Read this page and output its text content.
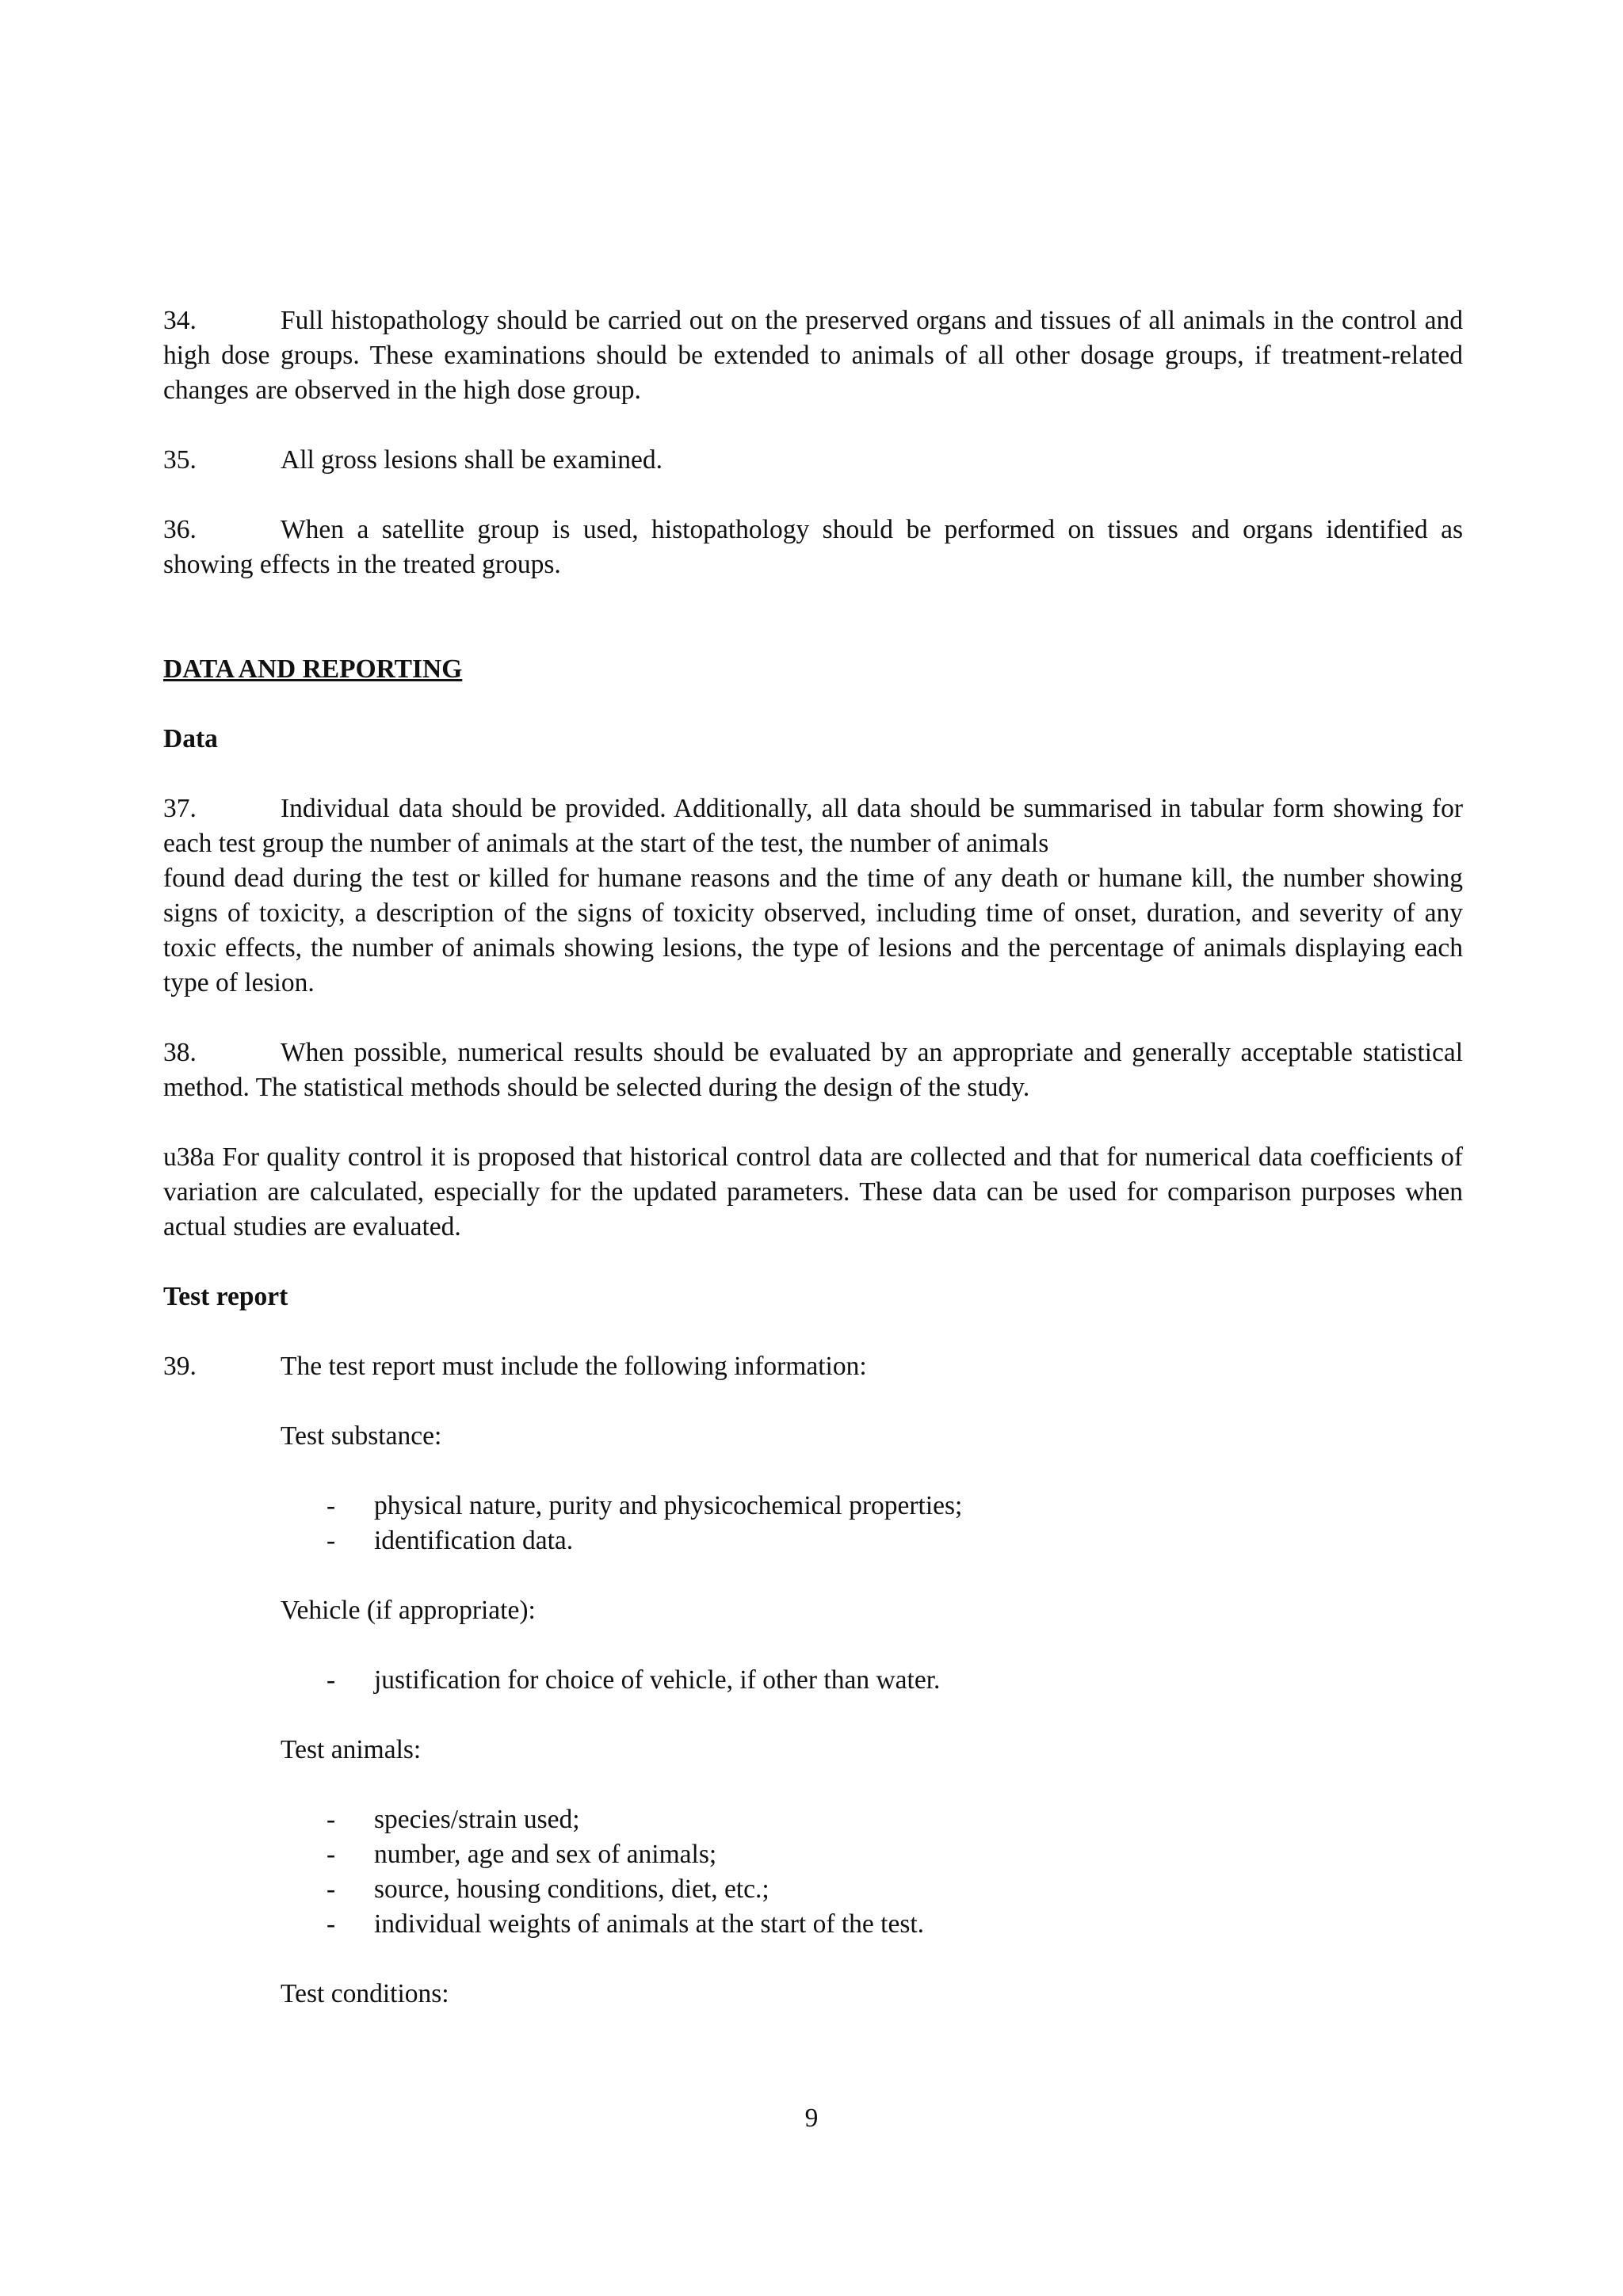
34.	Full histopathology should be carried out on the preserved organs and tissues of all animals in the control and high dose groups. These examinations should be extended to animals of all other dosage groups, if treatment-related changes are observed in the high dose group.

35.	All gross lesions shall be examined.

36.	When a satellite group is used, histopathology should be performed on tissues and organs identified as showing effects in the treated groups.

DATA AND REPORTING

Data

37.	Individual data should be provided. Additionally, all data should be summarised in tabular form showing for each test group the number of animals at the start of the test, the number of animals

found dead during the test or killed for humane reasons and the time of any death or humane kill, the number showing signs of toxicity, a description of the signs of toxicity observed, including time of onset, duration, and severity of any toxic effects, the number of animals showing lesions, the type of lesions and the percentage of animals displaying each type of lesion.

38.	When possible, numerical results should be evaluated by an appropriate and generally acceptable statistical method. The statistical methods should be selected during the design of the study.

u38a For quality control it is proposed that historical control data are collected and that for numerical data coefficients of variation are calculated, especially for the updated parameters. These data can be used for comparison purposes when actual studies are evaluated.

Test report

39.	The test report must include the following information:

Test substance:

- physical nature, purity and physicochemical properties;
- identification data.

Vehicle (if appropriate):

- justification for choice of vehicle, if other than water.

Test animals:

- species/strain used;
- number, age and sex of animals;
- source, housing conditions, diet, etc.;
- individual weights of animals at the start of the test.

Test conditions:

9
